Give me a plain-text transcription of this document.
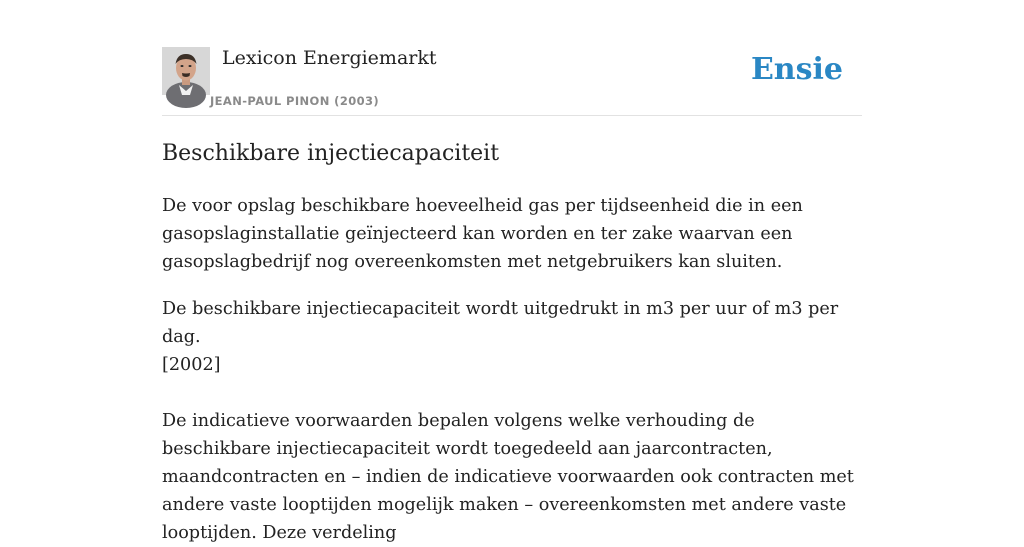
Lexicon Energiemarkt
JEAN-PAUL PINON (2003)
Ensie
Beschikbare injectiecapaciteit

De voor opslag beschikbare hoeveelheid gas per tijdseenheid die in een gasopslaginstallatie geïnjecteerd kan worden en ter zake waarvan een gasopslagbedrijf nog overeenkomsten met netgebruikers kan sluiten.

De beschikbare injectiecapaciteit wordt uitgedrukt in m3 per uur of m3 per dag.

[2002]

De indicatieve voorwaarden bepalen volgens welke verhouding de beschikbare injectiecapaciteit wordt toegedeeld aan jaarcontracten, maandcontracten en – indien de indicatieve voorwaarden ook contracten met andere vaste looptijden mogelijk maken – overeenkomsten met andere vaste looptijden. Deze verdeling
